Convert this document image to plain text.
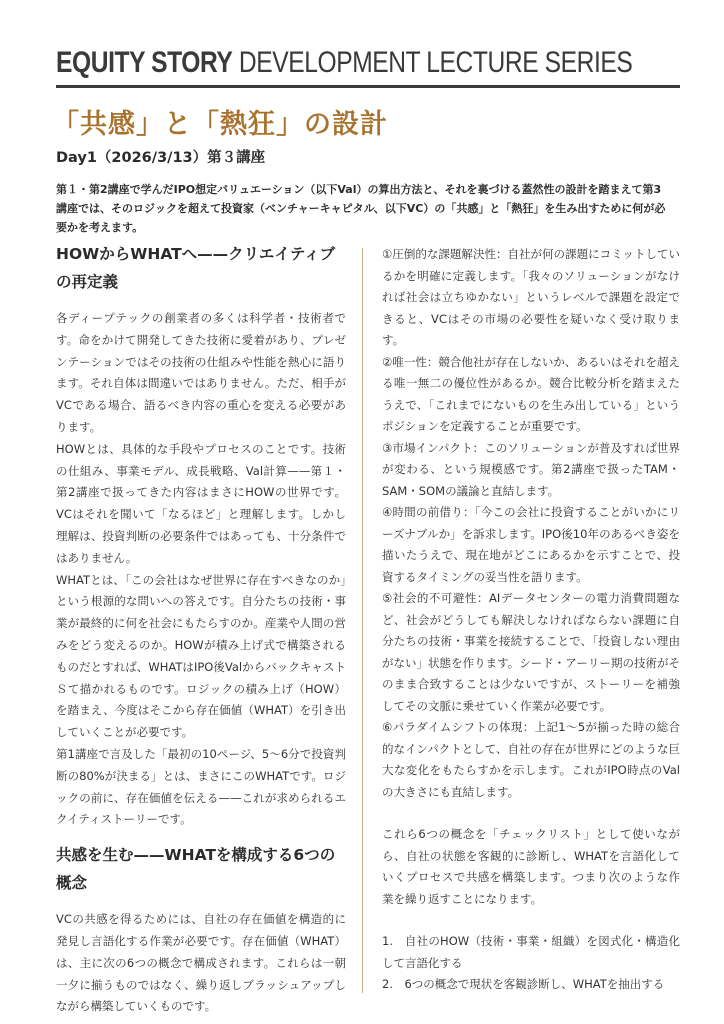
EQUITY STORY DEVELOPMENT LECTURE SERIES
「共感」と「熱狂」の設計
Day1（2026/3/13）第３講座
第１・第2講座で学んだIPO想定バリュエーション（以下Val）の算出方法と、それを裏づける蓋然性の設計を踏まえて第3講座では、そのロジックを超えて投資家（ベンチャーキャピタル、以下VC）の「共感」と「熱狂」を生み出すために何が必要かを考えます。
HOWからWHATへ——クリエイティブの再定義

各ディープテックの創業者の多くは科学者・技術者です。命をかけて開発してきた技術に愛着があり、プレゼンテーションではその技術の仕組みや性能を熱心に語ります。それ自体は間違いではありません。ただ、相手がVCである場合、語るべき内容の重心を変える必要があります。

HOWとは、具体的な手段やプロセスのことです。技術の仕組み、事業モデル、成長戦略、Val計算——第１・第2講座で扱ってきた内容はまさにHOWの世界です。VCはそれを聞いて「なるほど」と理解します。しかし理解は、投資判断の必要条件ではあっても、十分条件ではありません。

WHATとは、「この会社はなぜ世界に存在すべきなのか」という根源的な問いへの答えです。自分たちの技術・事業が最終的に何を社会にもたらすのか。産業や人間の営みをどう変えるのか。HOWが積み上げ式で構築されるものだとすれば、WHATはIPO後ValからバックキャストＳて描かれるものです。ロジックの積み上げ（HOW）を踏まえ、今度はそこから存在価値（WHAT）を引き出していくことが必要です。

第1講座で言及した「最初の10ページ、5〜6分で投資判断の80%が決まる」とは、まさにこのWHATです。ロジックの前に、存在価値を伝える——これが求められるエクイティストーリーです。

共感を生む——WHATを構成する6つの概念

VCの共感を得るためには、自社の存在価値を構造的に発見し言語化する作業が必要です。存在価値（WHAT）は、主に次の6つの概念で構成されます。これらは一朝一夕に揃うものではなく、繰り返しブラッシュアップしながら構築していくものです。

①圧倒的な課題解決性：自社が何の課題にコミットしているかを明確に定義します。「我々のソリューションがなければ社会は立ちゆかない」というレベルで課題を設定できると、VCはその市場の必要性を疑いなく受け取ります。

②唯一性：競合他社が存在しないか、あるいはそれを超える唯一無二の優位性があるか。競合比較分析を踏まえたうえで、「これまでにないものを生み出している」というポジションを定義することが重要です。

③市場インパクト：このソリューションが普及すれば世界が変わる、という規模感です。第2講座で扱ったTAM・SAM・SOMの議論と直結します。

④時間の前借り：「今この会社に投資することがいかにリーズナブルか」を訴求します。IPO後10年のあるべき姿を描いたうえで、現在地がどこにあるかを示すことで、投資するタイミングの妥当性を語ります。

⑤社会的不可避性：AIデータセンターの電力消費問題など、社会がどうしても解決しなければならない課題に自分たちの技術・事業を接続することで、「投資しない理由がない」状態を作ります。シード・アーリー期の技術がそのまま合致することは少ないですが、ストーリーを補強してその文脈に乗せていく作業が必要です。

⑥パラダイムシフトの体現：上記1〜5が揃った時の総合的なインパクトとして、自社の存在が世界にどのような巨大な変化をもたらすかを示します。これがIPO時点のValの大きさにも直結します。

これら6つの概念を「チェックリスト」として使いながら、自社の状態を客観的に診断し、WHATを言語化していくプロセスで共感を構築します。つまり次のような作業を繰り返すことになります。

1.　自社のHOW（技術・事業・組織）を図式化・構造化して言語化する

2.　6つの概念で現状を客観診断し、WHATを抽出する
